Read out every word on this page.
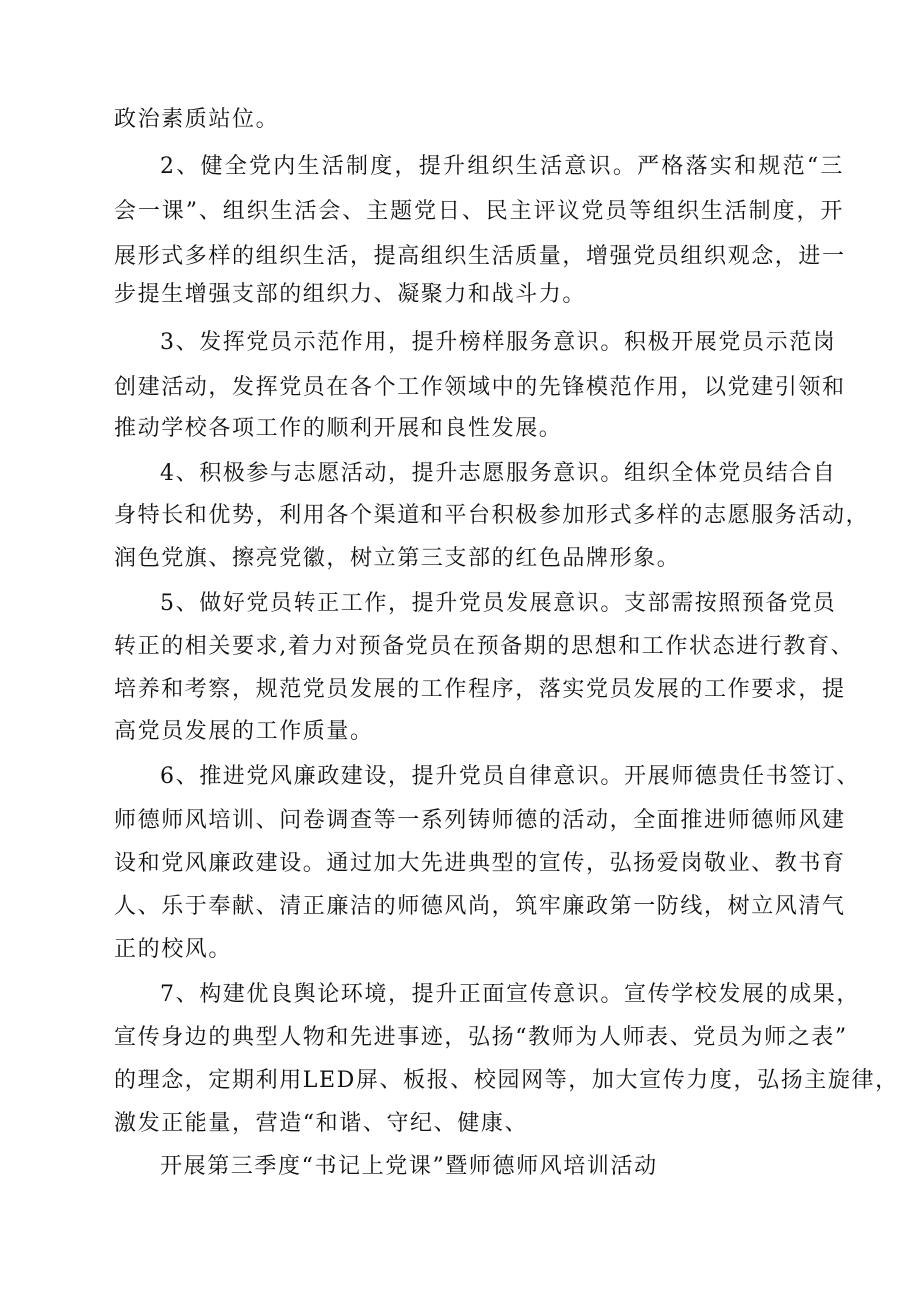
政治素质站位。
2、健全党内生活制度，提升组织生活意识。严格落实和规范“三
会一课”、组织生活会、主题党日、民主评议党员等组织生活制度，开
展形式多样的组织生活，提高组织生活质量，增强党员组织观念，进一
步提生增强支部的组织力、凝聚力和战斗力。
3、发挥党员示范作用，提升榜样服务意识。积极开展党员示范岗
创建活动，发挥党员在各个工作领域中的先锋模范作用，以党建引领和
推动学校各项工作的顺利开展和良性发展。
4、积极参与志愿活动，提升志愿服务意识。组织全体党员结合自
身特长和优势，利用各个渠道和平台积极参加形式多样的志愿服务活动，
润色党旗、擦亮党徽，树立第三支部的红色品牌形象。
5、做好党员转正工作，提升党员发展意识。支部需按照预备党员
转正的相关要求,着力对预备党员在预备期的思想和工作状态进行教育、
培养和考察，规范党员发展的工作程序，落实党员发展的工作要求，提
高党员发展的工作质量。
6、推进党风廉政建设，提升党员自律意识。开展师德贵任书签订、
师德师风培训、问卷调查等一系列铸师德的活动，全面推进师德师风建
设和党风廉政建设。通过加大先进典型的宣传，弘扬爱岗敬业、教书育
人、乐于奉献、清正廉洁的师德风尚，筑牢廉政第一防线，树立风清气
正的校风。
7、构建优良舆论环境，提升正面宣传意识。宣传学校发展的成果，
宣传身边的典型人物和先进事迹，弘扬“教师为人师表、党员为师之表”
的理念，定期利用LED屏、板报、校园网等，加大宣传力度，弘扬主旋律，
激发正能量，营造“和谐、守纪、健康、
开展第三季度“书记上党课”暨师德师风培训活动
